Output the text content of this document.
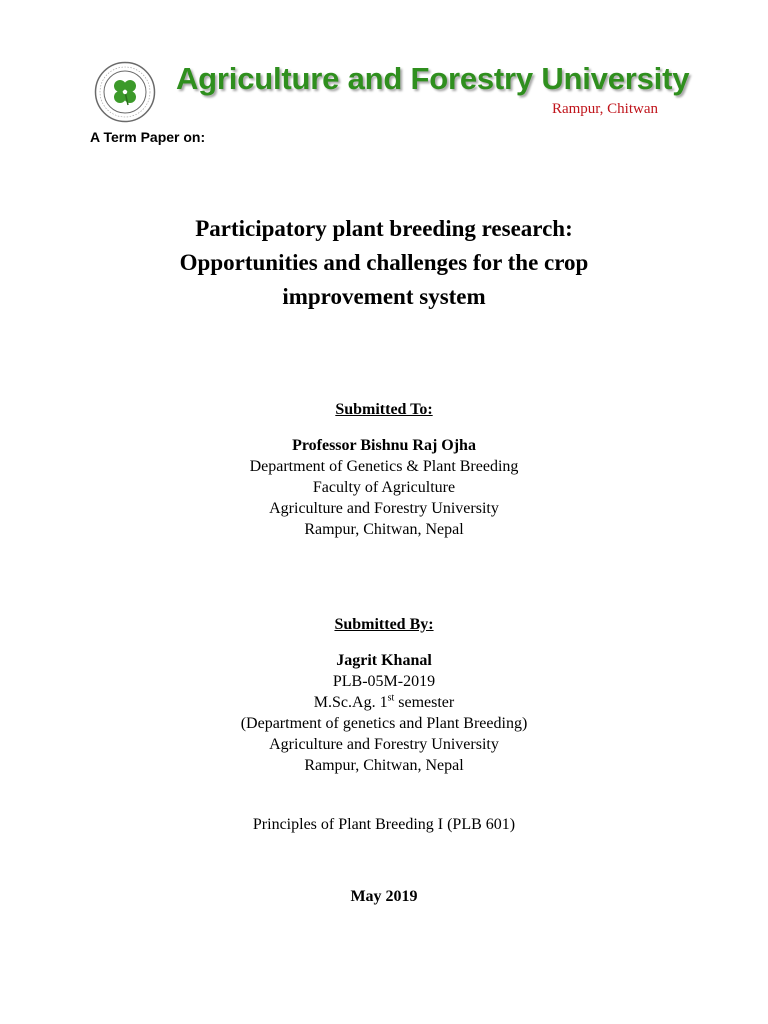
Agriculture and Forestry University
Rampur, Chitwan
A Term Paper on:
Participatory plant breeding research:
Opportunities and challenges for the crop
improvement system
Submitted To:
Professor Bishnu Raj Ojha
Department of Genetics & Plant Breeding
Faculty of Agriculture
Agriculture and Forestry University
Rampur, Chitwan, Nepal
Submitted By:
Jagrit Khanal
PLB-05M-2019
M.Sc.Ag. 1st semester
(Department of genetics and Plant Breeding)
Agriculture and Forestry University
Rampur, Chitwan, Nepal
Principles of Plant Breeding I (PLB 601)
May 2019
